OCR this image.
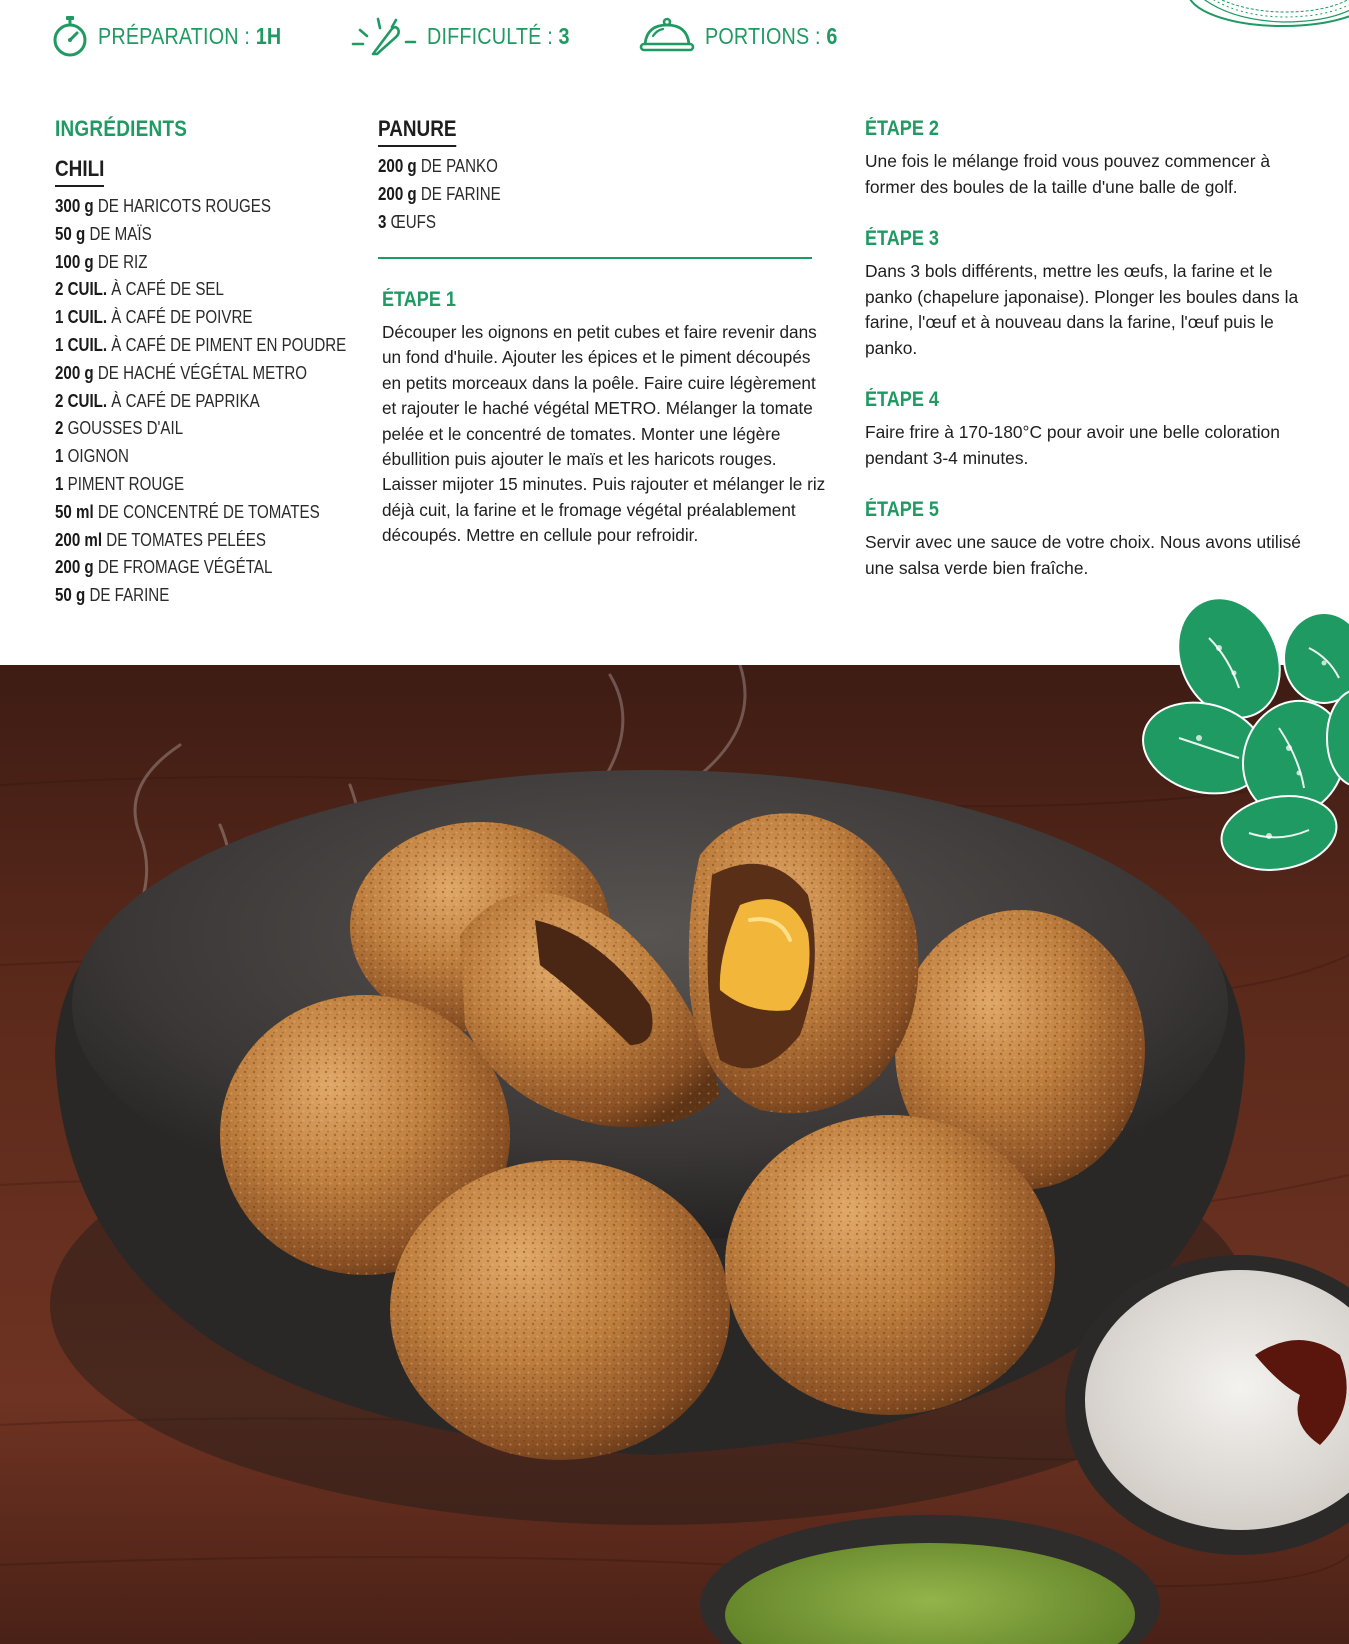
PRÉPARATION : 1H	DIFFICULTÉ : 3	PORTIONS : 6
INGRÉDIENTS
CHILI
300 g DE HARICOTS ROUGES
50 g DE MAÏS
100 g DE RIZ
2 CUIL. À CAFÉ DE SEL
1 CUIL. À CAFÉ DE POIVRE
1 CUIL. À CAFÉ DE PIMENT EN POUDRE
200 g DE HACHÉ VÉGÉTAL METRO
2 CUIL. À CAFÉ DE PAPRIKA
2 GOUSSES D'AIL
1 OIGNON
1 PIMENT ROUGE
50 ml DE CONCENTRÉ DE TOMATES
200 ml DE TOMATES PELÉES
200 g DE FROMAGE VÉGÉTAL
50 g DE FARINE
PANURE
200 g DE PANKO
200 g DE FARINE
3 ŒUFS
ÉTAPE 1

Découper les oignons en petit cubes et faire revenir dans un fond d'huile. Ajouter les épices et le piment découpés en petits morceaux dans la poêle. Faire cuire légèrement et rajouter le haché végétal METRO. Mélanger la tomate pelée et le concentré de tomates. Monter une légère ébullition puis ajouter le maïs et les haricots rouges. Laisser mijoter 15 minutes. Puis rajouter et mélanger le riz déjà cuit, la farine et le fromage végétal préalablement découpés. Mettre en cellule pour refroidir.

ÉTAPE 2

Une fois le mélange froid vous pouvez commencer à former des boules de la taille d'une balle de golf.

ÉTAPE 3

Dans 3 bols différents, mettre les œufs, la farine et le panko (chapelure japonaise). Plonger les boules dans la farine, l'œuf et à nouveau dans la farine, l'œuf puis le panko.

ÉTAPE 4

Faire frire à 170-180°C pour avoir une belle coloration pendant 3-4 minutes.

ÉTAPE 5

Servir avec une sauce de votre choix. Nous avons utilisé une salsa verde bien fraîche.
